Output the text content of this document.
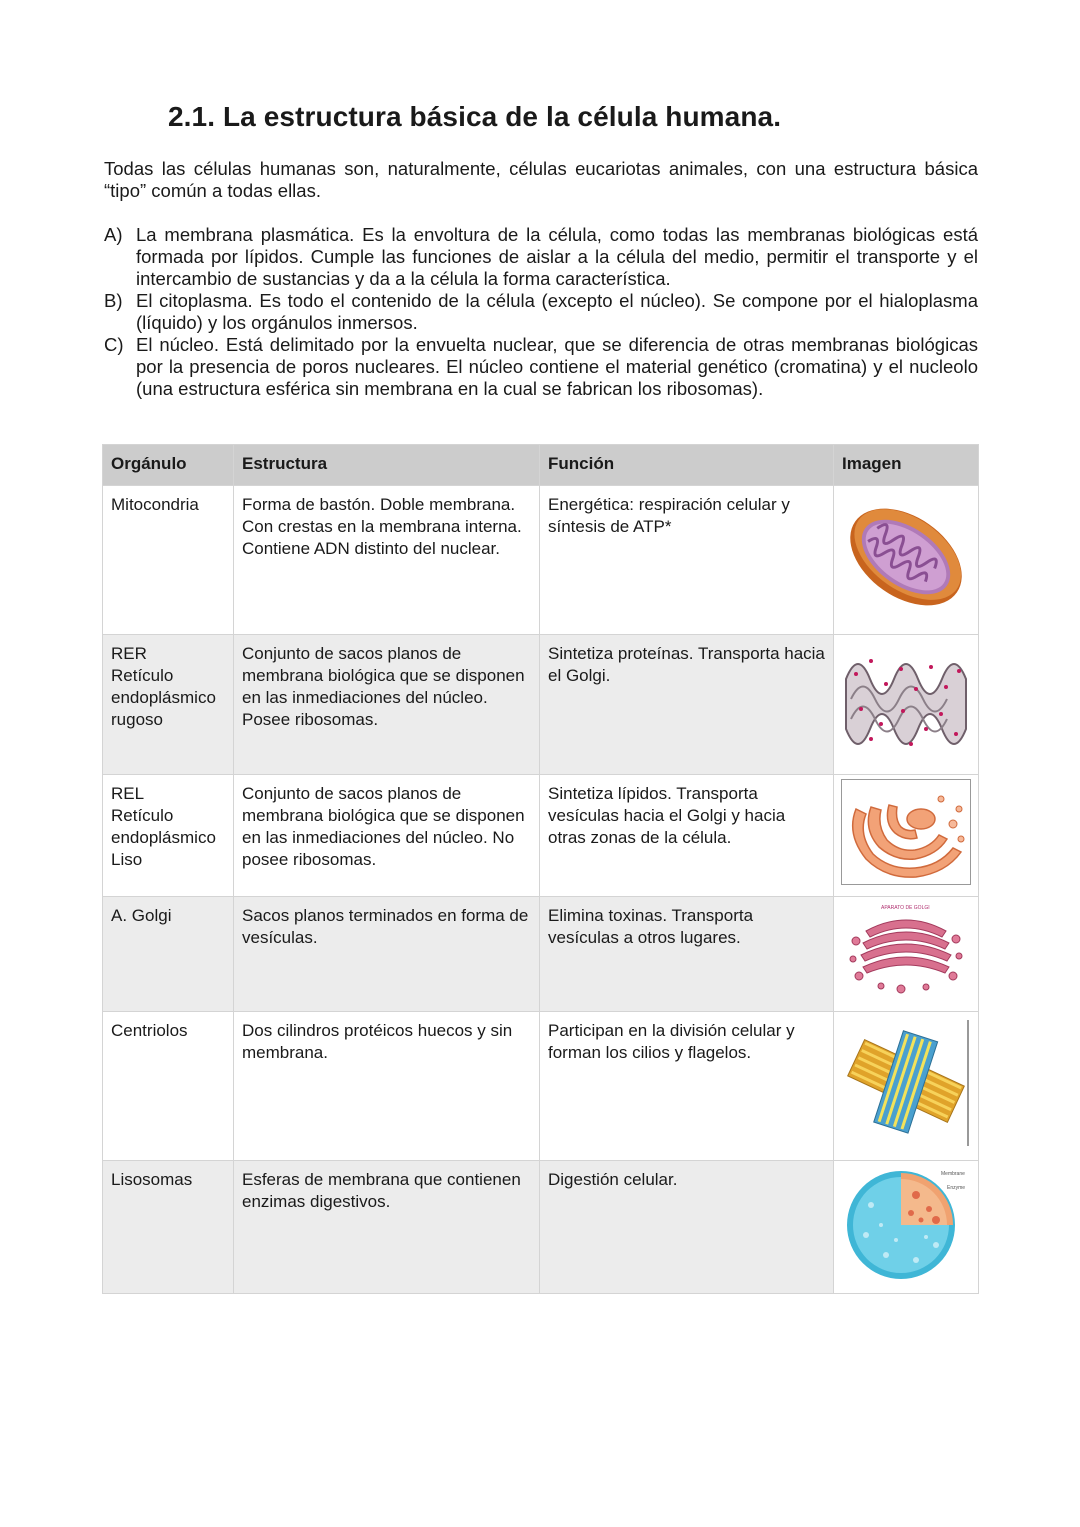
2.1. La estructura básica de la célula humana.

Todas las células humanas son, naturalmente, células eucariotas animales, con una estructura básica “tipo” común a todas ellas.

A) La membrana plasmática. Es la envoltura de la célula, como todas las membranas biológicas está formada por lípidos. Cumple las funciones de aislar a la célula del medio, permitir el transporte y el intercambio de sustancias y da a la célula la forma característica.
B) El citoplasma. Es todo el contenido de la célula (excepto el núcleo). Se compone por el hialoplasma (líquido) y los orgánulos inmersos.
C) El núcleo. Está delimitado por la envuelta nuclear, que se diferencia de otras membranas biológicas por la presencia de poros nucleares. El núcleo contiene el material genético (cromatina) y el nucleolo (una estructura esférica sin membrana en la cual se fabrican los ribosomas).
Orgánulo	Estructura	Función	Imagen
Mitocondria	Forma de bastón. Doble membrana. Con crestas en la membrana interna. Contiene ADN distinto del nuclear.	Energética: respiración celular y síntesis de ATP*	

RER
Retículo endoplásmico rugoso	Conjunto de sacos planos de membrana biológica que se disponen en las inmediaciones del núcleo. Posee ribosomas.	Sintetiza proteínas. Transporta hacia el Golgi.	

REL
Retículo endoplásmico Liso	Conjunto de sacos planos de membrana biológica que se disponen en las inmediaciones del núcleo. No posee ribosomas.	Sintetiza lípidos. Transporta vesículas hacia el Golgi y hacia otras zonas de la célula.	

A. Golgi	Sacos planos terminados en forma de vesículas.	Elimina toxinas. Transporta vesículas a otros lugares.	APARATO DE GOLGI

Centriolos	Dos cilindros protéicos huecos y sin membrana.	Participan en la división celular y forman los cilios y flagelos.	

Lisosomas	Esferas de membrana que contienen enzimas digestivos.	Digestión celular.	Membrane
Enzyme
